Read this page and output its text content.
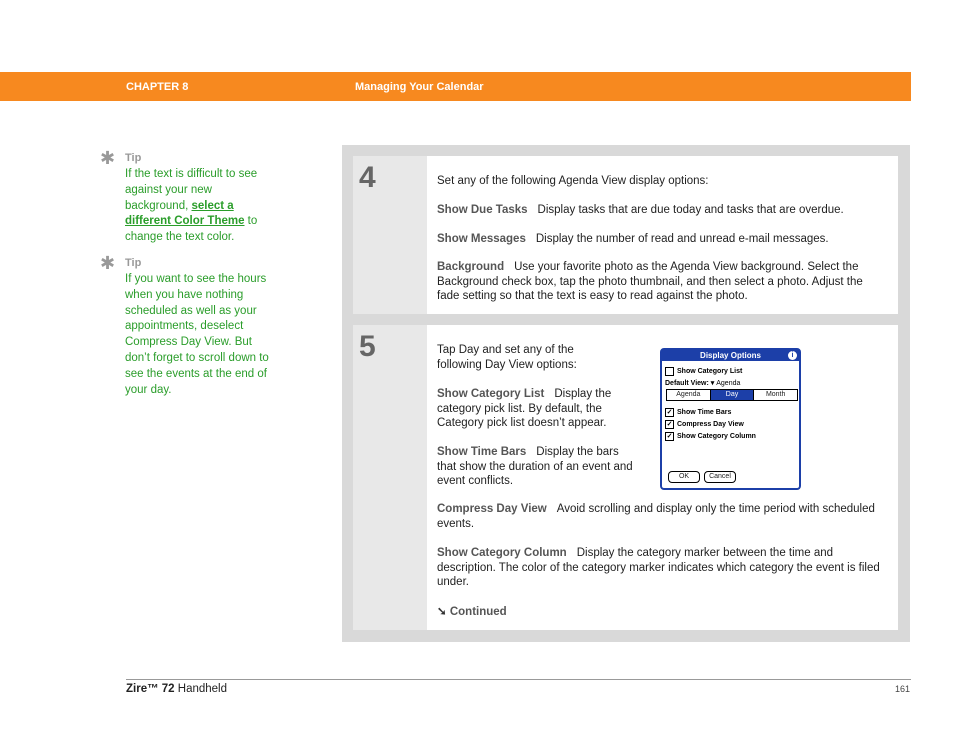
CHAPTER 8	Managing Your Calendar
✱ Tip
If the text is difficult to see against your new background, select a different Color Theme to change the text color.
✱ Tip
If you want to see the hours when you have nothing scheduled as well as your appointments, deselect Compress Day View. But don’t forget to scroll down to see the events at the end of your day.
4	Set any of the following Agenda View display options:
Show Due Tasks Display tasks that are due today and tasks that are overdue.
Show Messages Display the number of read and unread e-mail messages.
Background Use your favorite photo as the Agenda View background. Select the Background check box, tap the photo thumbnail, and then select a photo. Adjust the fade setting so that the text is easy to read against the photo.
5	Tap Day and set any of the following Day View options:
Show Category List Display the category pick list. By default, the Category pick list doesn’t appear.
Show Time Bars Display the bars that show the duration of an event and event conflicts.
Compress Day View Avoid scrolling and display only the time period with scheduled events.
Show Category Column Display the category marker between the time and description. The color of the category marker indicates which category the event is filed under.
➘ Continued
Display Options	i
Show Category List
Default View: ▾ Agenda
Agenda	Day	Month
✓ Show Time Bars
✓ Compress Day View
✓ Show Category Column
OK	Cancel
Zire™ 72 Handheld	161
